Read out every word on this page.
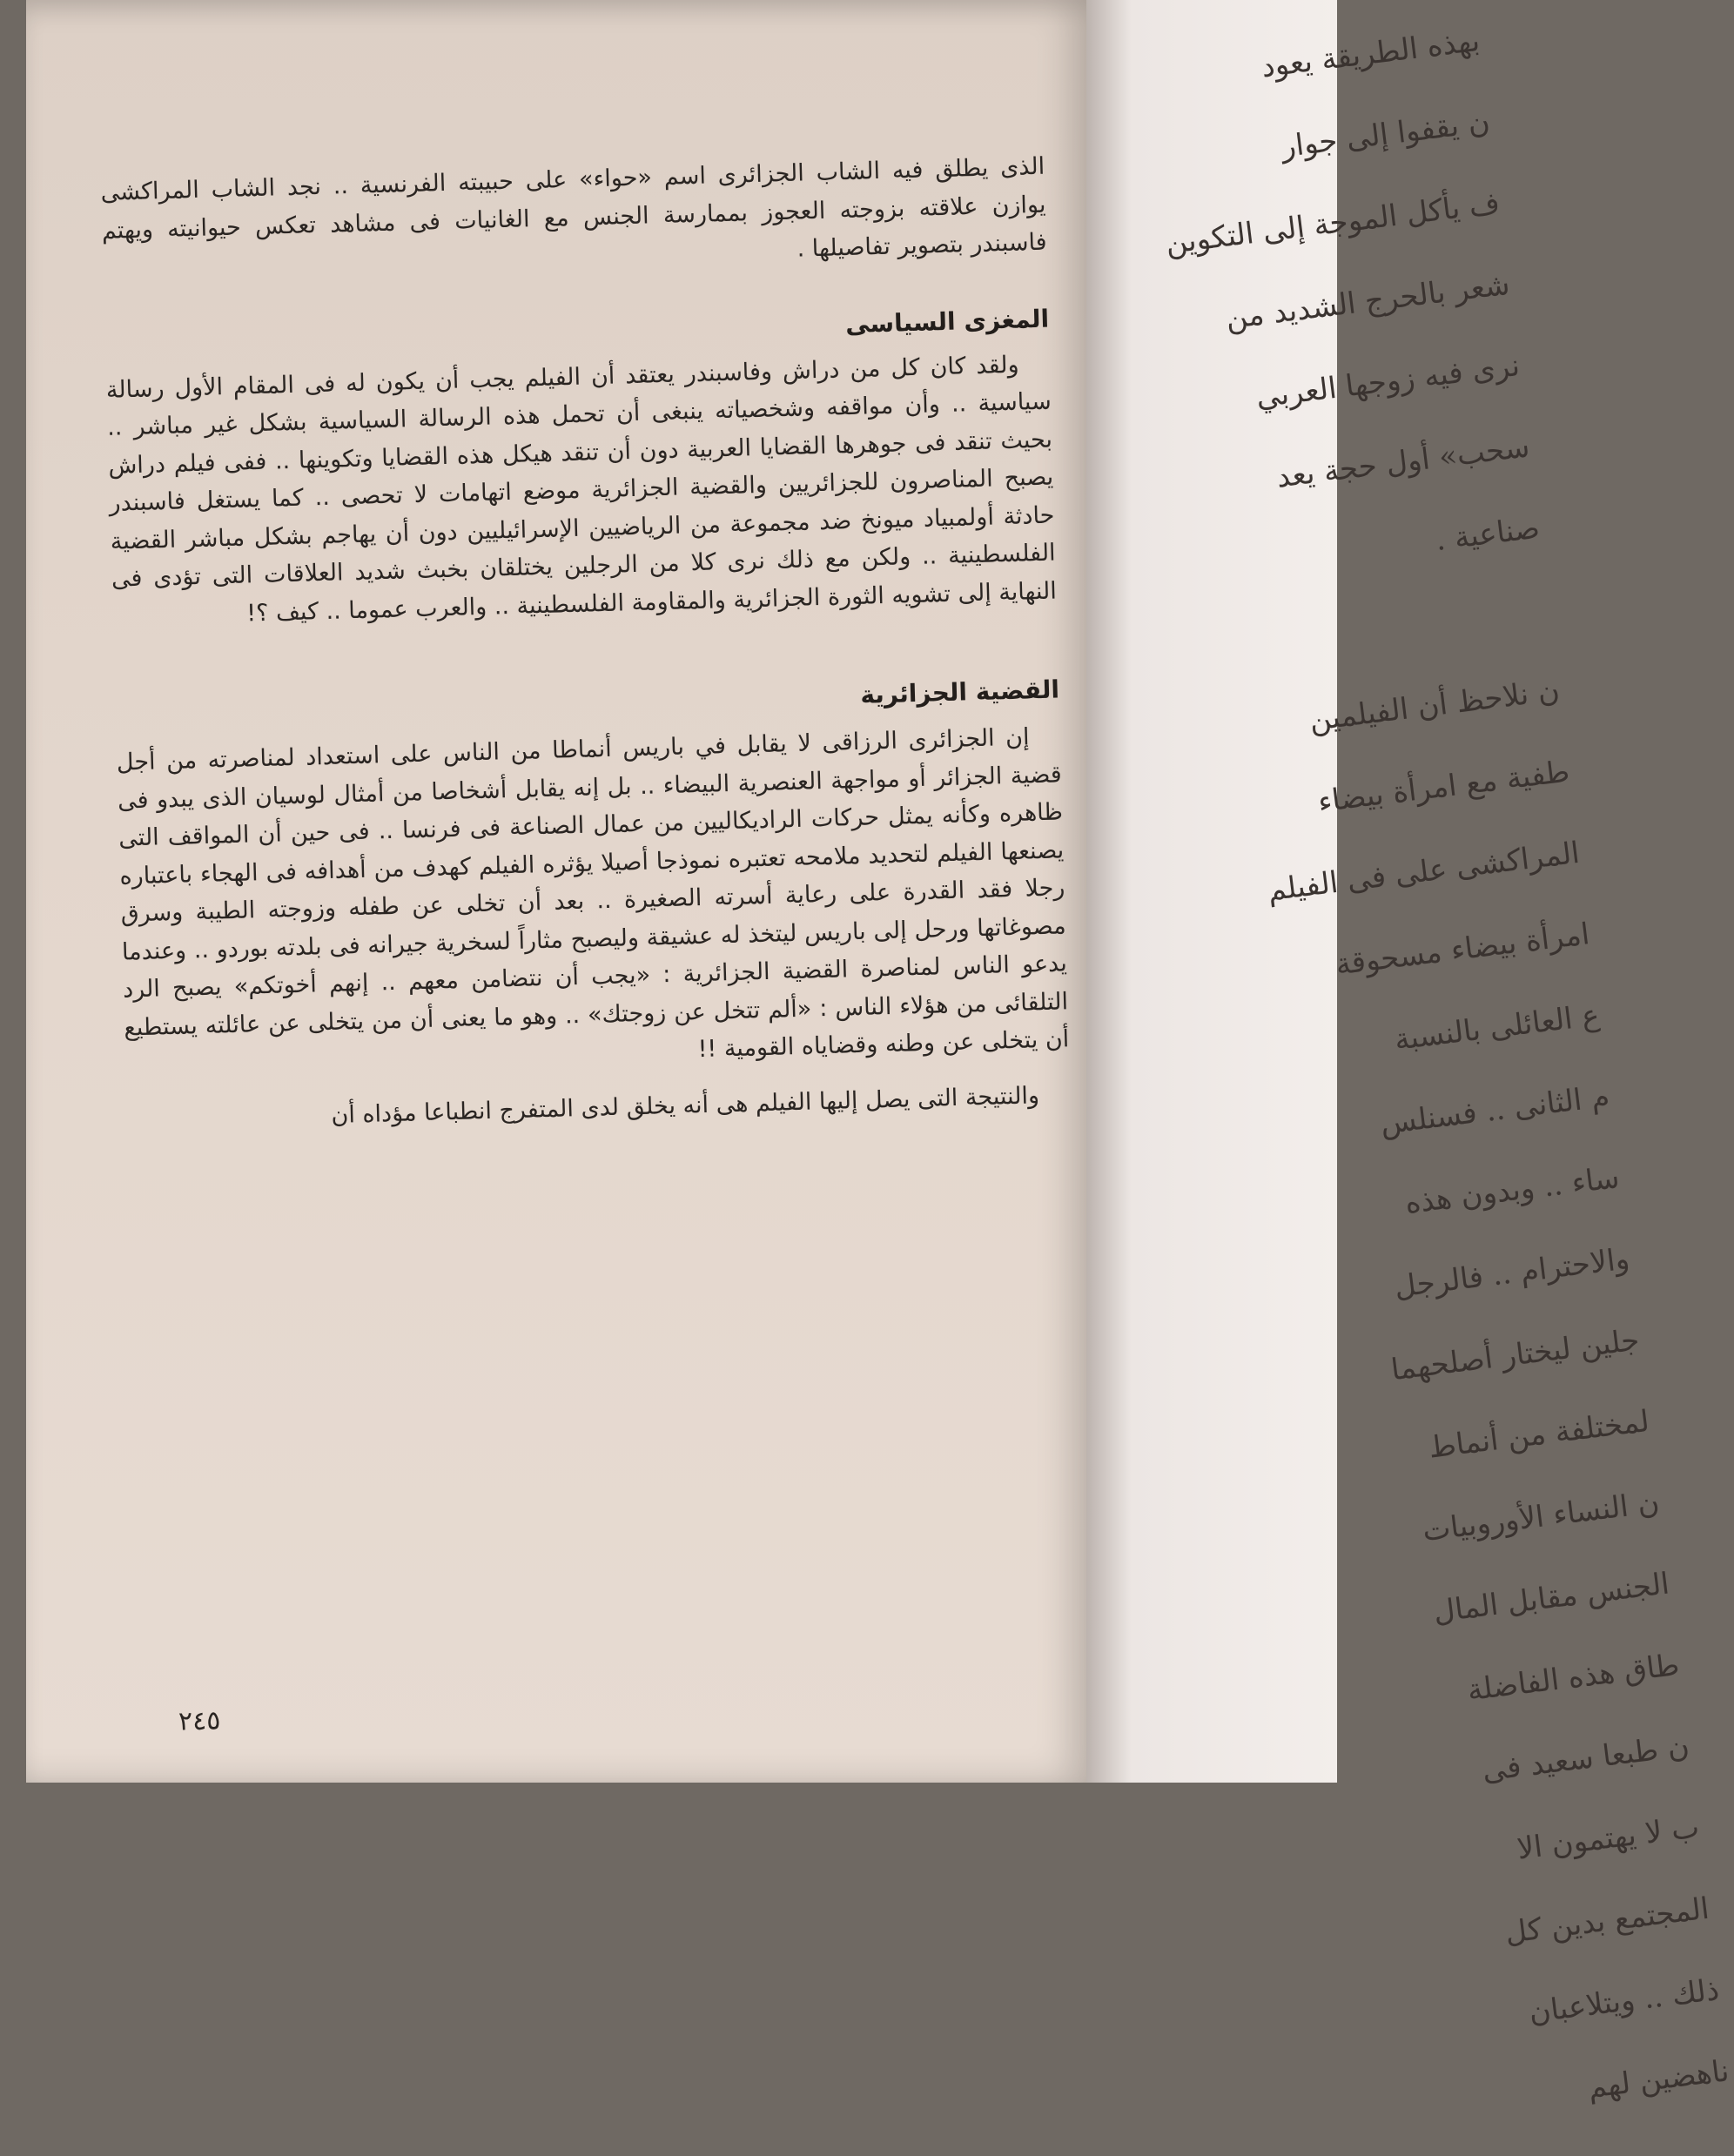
بهذه الطريقة يعود

ن يقفوا إلى جوار

ف يأكل الموجة إلى التكوين

شعر بالحرج الشديد من

نرى فيه زوجها العربي

سحب» أول حجة يعد

صناعية .

ن نلاحظ أن الفيلمين

طفية مع امرأة بيضاء

المراكشى على فى الفيلم

امرأة بيضاء مسحوقة

ع العائلى بالنسبة

م الثانى .. فسنلس

ساء .. وبدون هذه

والاحترام .. فالرجل

جلين ليختار أصلحهما

لمختلفة من أنماط

ن النساء الأوروبيات

الجنس مقابل المال

طاق هذه الفاضلة

ن طبعا سعيد فى

ب لا يهتمون الا

المجتمع بدين كل

ذلك .. ويتلاعبان

ناهضين لهم

الذى يطلق فيه الشاب الجزائرى اسم «حواء» على حبيبته الفرنسية .. نجد الشاب المراكشى يوازن علاقته بزوجته العجوز بممارسة الجنس مع الغانيات فى مشاهد تعكس حيوانيته ويهتم فاسبندر بتصوير تفاصيلها .

المغزى السياسى

ولقد كان كل من دراش وفاسبندر يعتقد أن الفيلم يجب أن يكون له فى المقام الأول رسالة سياسية .. وأن مواقفه وشخصياته ينبغى أن تحمل هذه الرسالة السياسية بشكل غير مباشر .. بحيث تنقد فى جوهرها القضايا العربية دون أن تنقد هيكل هذه القضايا وتكوينها .. ففى فيلم دراش يصبح المناصرون للجزائريين والقضية الجزائرية موضع اتهامات لا تحصى .. كما يستغل فاسبندر حادثة أولمبياد ميونخ ضد مجموعة من الرياضيين الإسرائيليين دون أن يهاجم بشكل مباشر القضية الفلسطينية .. ولكن مع ذلك نرى كلا من الرجلين يختلقان بخبث شديد العلاقات التى تؤدى فى النهاية إلى تشويه الثورة الجزائرية والمقاومة الفلسطينية .. والعرب عموما .. كيف ؟!

القضية الجزائرية

إن الجزائرى الرزاقى لا يقابل في باريس أنماطا من الناس على استعداد لمناصرته من أجل قضية الجزائر أو مواجهة العنصرية البيضاء .. بل إنه يقابل أشخاصا من أمثال لوسيان الذى يبدو فى ظاهره وكأنه يمثل حركات الراديكاليين من عمال الصناعة فى فرنسا .. فى حين أن المواقف التى يصنعها الفيلم لتحديد ملامحه تعتبره نموذجا أصيلا يؤثره الفيلم كهدف من أهدافه فى الهجاء باعتباره رجلا فقد القدرة على رعاية أسرته الصغيرة .. بعد أن تخلى عن طفله وزوجته الطيبة وسرق مصوغاتها ورحل إلى باريس ليتخذ له عشيقة وليصبح مثاراً لسخرية جيرانه فى بلدته بوردو .. وعندما يدعو الناس لمناصرة القضية الجزائرية : «يجب أن نتضامن معهم .. إنهم أخوتكم» يصبح الرد التلقائى من هؤلاء الناس : «ألم تتخل عن زوجتك» .. وهو ما يعنى أن من يتخلى عن عائلته يستطيع أن يتخلى عن وطنه وقضاياه القومية !!

والنتيجة التى يصل إليها الفيلم هى أنه يخلق لدى المتفرج انطباعا مؤداه أن

٢٤٥
